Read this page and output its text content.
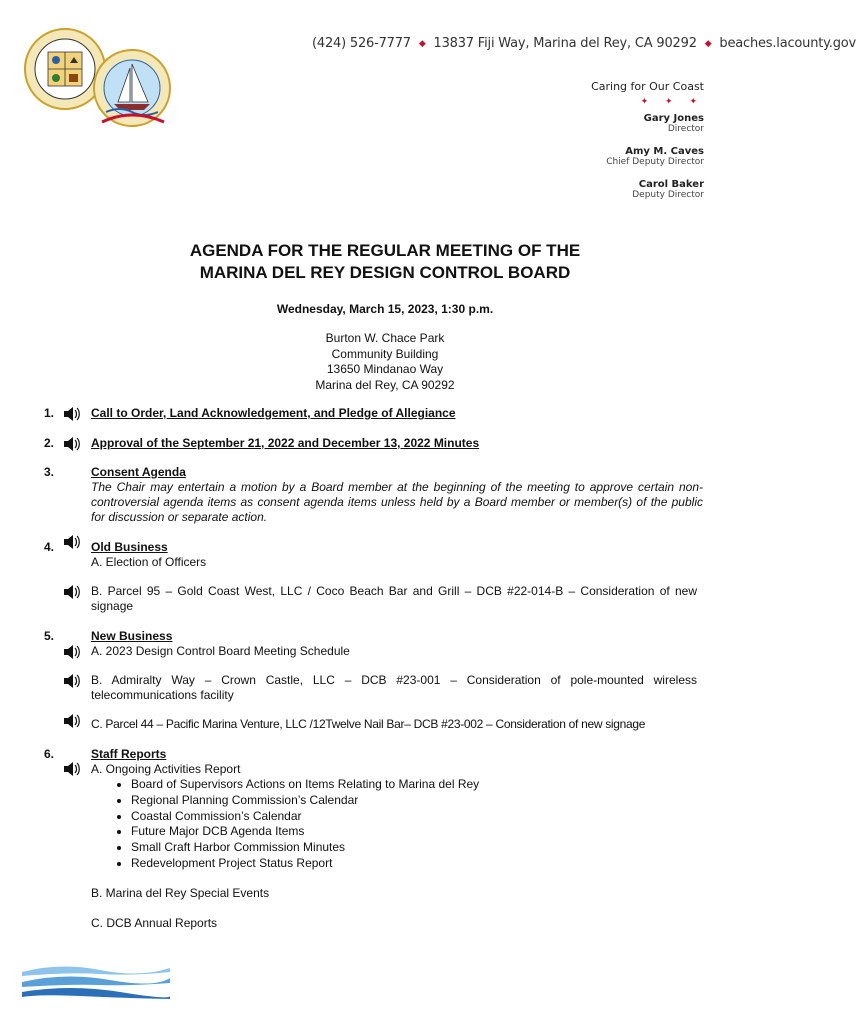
(424) 526-7777 ◆ 13837 Fiji Way, Marina del Rey, CA 90292 ◆ beaches.lacounty.gov
Caring for Our Coast
✦ ✦ ✦
Gary Jones
Director
Amy M. Caves
Chief Deputy Director
Carol Baker
Deputy Director
AGENDA FOR THE REGULAR MEETING OF THE
MARINA DEL REY DESIGN CONTROL BOARD
Wednesday, March 15, 2023, 1:30 p.m.
Burton W. Chace Park
Community Building
13650 Mindanao Way
Marina del Rey, CA 90292
1.	Call to Order, Land Acknowledgement, and Pledge of Allegiance
2.	Approval of the September 21, 2022 and December 13, 2022 Minutes
3.	Consent Agenda
The Chair may entertain a motion by a Board member at the beginning of the meeting to approve certain non-controversial agenda items as consent agenda items unless held by a Board member or member(s) of the public for discussion or separate action.
4.	Old Business
A. Election of Officers
B. Parcel 95 – Gold Coast West, LLC / Coco Beach Bar and Grill – DCB #22-014-B – Consideration of new signage
5.	New Business
A. 2023 Design Control Board Meeting Schedule
B. Admiralty Way – Crown Castle, LLC – DCB #23-001 – Consideration of pole-mounted wireless telecommunications facility
C. Parcel 44 – Pacific Marina Venture, LLC /12Twelve Nail Bar– DCB #23-002 – Consideration of new signage
6.	Staff Reports
A. Ongoing Activities Report
• Board of Supervisors Actions on Items Relating to Marina del Rey
• Regional Planning Commission’s Calendar
• Coastal Commission’s Calendar
• Future Major DCB Agenda Items
• Small Craft Harbor Commission Minutes
• Redevelopment Project Status Report
B. Marina del Rey Special Events
C. DCB Annual Reports
